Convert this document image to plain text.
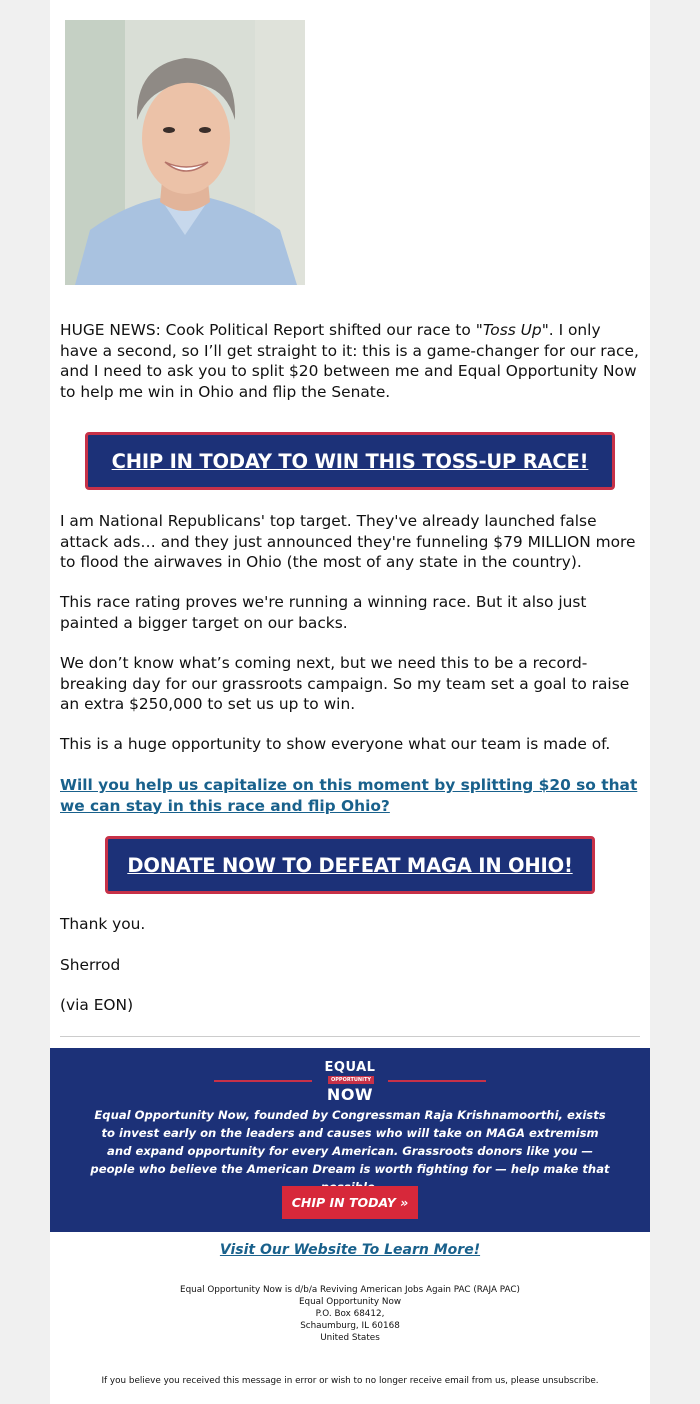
HUGE NEWS: Cook Political Report shifted our race to "Toss Up". I only have a second, so I’ll get straight to it: this is a game-changer for our race, and I need to ask you to split $20 between me and Equal Opportunity Now to help me win in Ohio and flip the Senate.

CHIP IN TODAY TO WIN THIS TOSS-UP RACE!

I am National Republicans' top target. They've already launched false attack ads… and they just announced they're funneling $79 MILLION more to flood the airwaves in Ohio (the most of any state in the country).

This race rating proves we're running a winning race. But it also just painted a bigger target on our backs.

We don’t know what’s coming next, but we need this to be a record-breaking day for our grassroots campaign. So my team set a goal to raise an extra $250,000 to set us up to win.

This is a huge opportunity to show everyone what our team is made of.

Will you help us capitalize on this moment by splitting $20 so that we can stay in this race and flip Ohio?

DONATE NOW TO DEFEAT MAGA IN OHIO!

Thank you.

Sherrod

(via EON)

EQUAL
OPPORTUNITY
NOW

Equal Opportunity Now, founded by Congressman Raja Krishnamoorthi, exists to invest early on the leaders and causes who will take on MAGA extremism and expand opportunity for every American. Grassroots donors like you — people who believe the American Dream is worth fighting for — help make that

CHIP IN TODAY »
Visit Our Website To Learn More!
Equal Opportunity Now is d/b/a Reviving American Jobs Again PAC (RAJA PAC)
Equal Opportunity Now
P.O. Box 68412,
Schaumburg, IL 60168
United States

If you believe you received this message in error or wish to no longer receive email from us, please unsubscribe.
